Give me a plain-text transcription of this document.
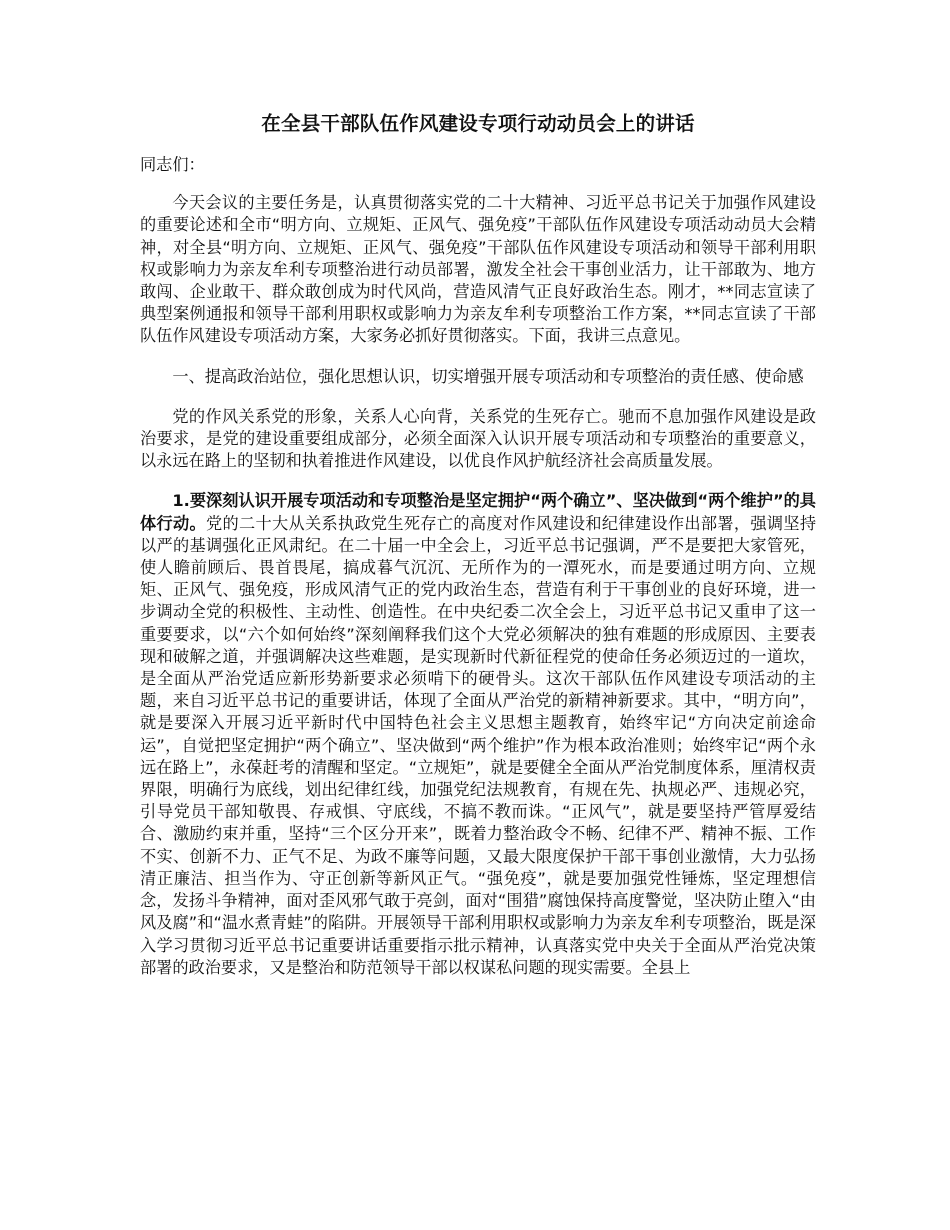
在全县干部队伍作风建设专项行动动员会上的讲话

同志们：

今天会议的主要任务是，认真贯彻落实党的二十大精神、习近平总书记关于加强作风建设的重要论述和全市“明方向、立规矩、正风气、强免疫”干部队伍作风建设专项活动动员大会精神，对全县“明方向、立规矩、正风气、强免疫”干部队伍作风建设专项活动和领导干部利用职权或影响力为亲友牟利专项整治进行动员部署，激发全社会干事创业活力，让干部敢为、地方敢闯、企业敢干、群众敢创成为时代风尚，营造风清气正良好政治生态。刚才，**同志宣读了典型案例通报和领导干部利用职权或影响力为亲友牟利专项整治工作方案，**同志宣读了干部队伍作风建设专项活动方案，大家务必抓好贯彻落实。下面，我讲三点意见。

一、提高政治站位，强化思想认识，切实增强开展专项活动和专项整治的责任感、使命感

党的作风关系党的形象，关系人心向背，关系党的生死存亡。驰而不息加强作风建设是政治要求，是党的建设重要组成部分，必须全面深入认识开展专项活动和专项整治的重要意义，以永远在路上的坚韧和执着推进作风建设，以优良作风护航经济社会高质量发展。

1.要深刻认识开展专项活动和专项整治是坚定拥护“两个确立”、坚决做到“两个维护”的具体行动。党的二十大从关系执政党生死存亡的高度对作风建设和纪律建设作出部署，强调坚持以严的基调强化正风肃纪。在二十届一中全会上，习近平总书记强调，严不是要把大家管死，使人瞻前顾后、畏首畏尾，搞成暮气沉沉、无所作为的一潭死水，而是要通过明方向、立规矩、正风气、强免疫，形成风清气正的党内政治生态，营造有利于干事创业的良好环境，进一步调动全党的积极性、主动性、创造性。在中央纪委二次全会上，习近平总书记又重申了这一重要要求，以“六个如何始终”深刻阐释我们这个大党必须解决的独有难题的形成原因、主要表现和破解之道，并强调解决这些难题，是实现新时代新征程党的使命任务必须迈过的一道坎，是全面从严治党适应新形势新要求必须啃下的硬骨头。这次干部队伍作风建设专项活动的主题，来自习近平总书记的重要讲话，体现了全面从严治党的新精神新要求。其中，“明方向”，就是要深入开展习近平新时代中国特色社会主义思想主题教育，始终牢记“方向决定前途命运”，自觉把坚定拥护“两个确立”、坚决做到“两个维护”作为根本政治准则；始终牢记“两个永远在路上”，永葆赶考的清醒和坚定。“立规矩”，就是要健全全面从严治党制度体系，厘清权责界限，明确行为底线，划出纪律红线，加强党纪法规教育，有规在先、执规必严、违规必究，引导党员干部知敬畏、存戒惧、守底线，不搞不教而诛。“正风气”，就是要坚持严管厚爱结合、激励约束并重，坚持“三个区分开来”，既着力整治政令不畅、纪律不严、精神不振、工作不实、创新不力、正气不足、为政不廉等问题，又最大限度保护干部干事创业激情，大力弘扬清正廉洁、担当作为、守正创新等新风正气。“强免疫”，就是要加强党性锤炼，坚定理想信念，发扬斗争精神，面对歪风邪气敢于亮剑，面对“围猎”腐蚀保持高度警觉，坚决防止堕入“由风及腐”和“温水煮青蛙”的陷阱。开展领导干部利用职权或影响力为亲友牟利专项整治，既是深入学习贯彻习近平总书记重要讲话重要指示批示精神，认真落实党中央关于全面从严治党决策部署的政治要求，又是整治和防范领导干部以权谋私问题的现实需要。全县上
